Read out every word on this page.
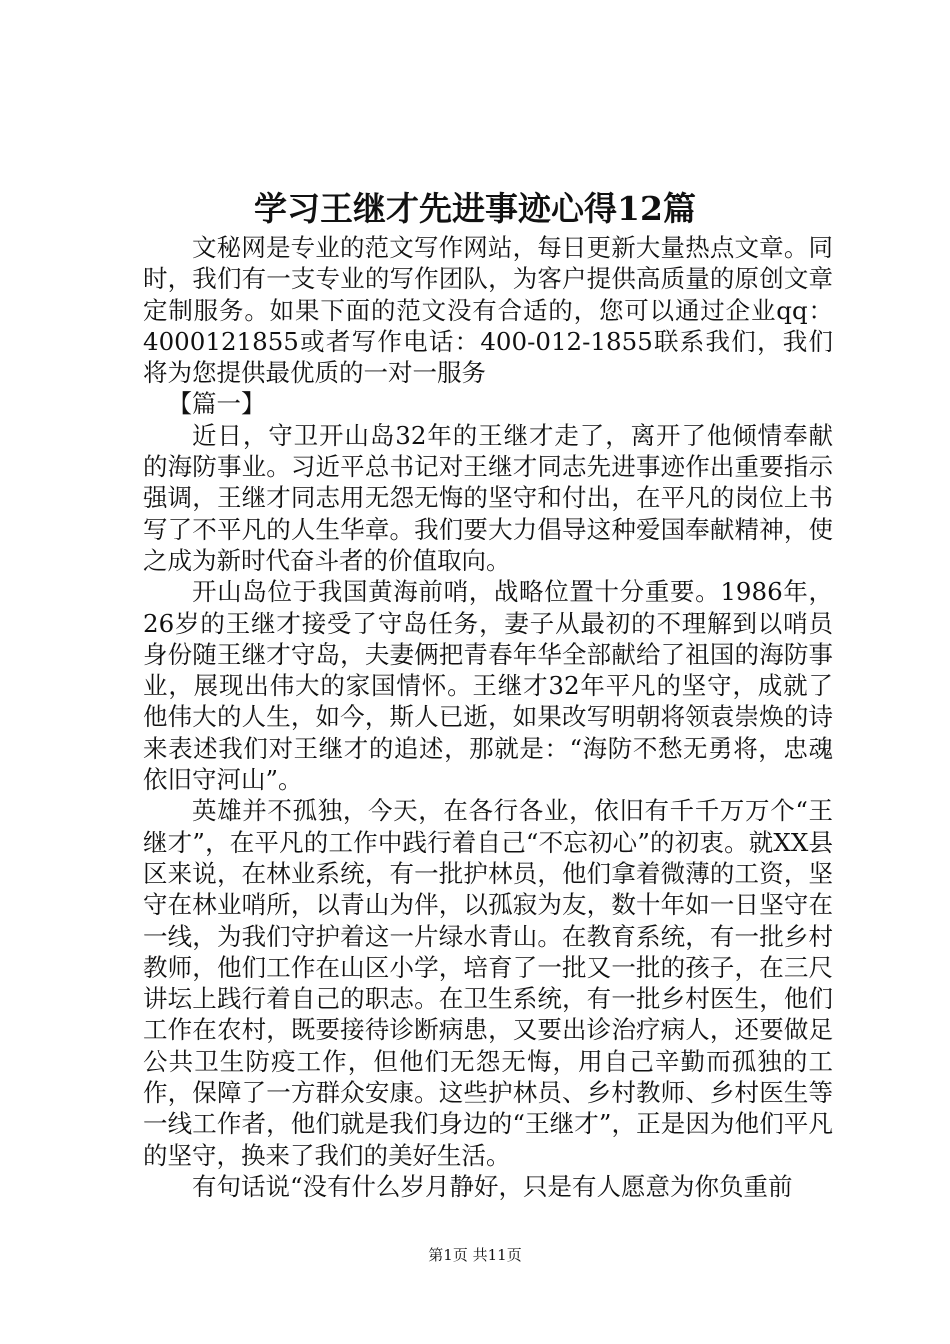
学习王继才先进事迹心得12篇

文秘网是专业的范文写作网站，每日更新大量热点文章。同时，我们有一支专业的写作团队，为客户提供高质量的原创文章定制服务。如果下面的范文没有合适的，您可以通过企业qq：4000121855或者写作电话：400-012-1855联系我们，我们将为您提供最优质的一对一服务

【篇一】

近日，守卫开山岛32年的王继才走了，离开了他倾情奉献的海防事业。习近平总书记对王继才同志先进事迹作出重要指示强调，王继才同志用无怨无悔的坚守和付出，在平凡的岗位上书写了不平凡的人生华章。我们要大力倡导这种爱国奉献精神，使之成为新时代奋斗者的价值取向。

开山岛位于我国黄海前哨，战略位置十分重要。1986年，26岁的王继才接受了守岛任务，妻子从最初的不理解到以哨员身份随王继才守岛，夫妻俩把青春年华全部献给了祖国的海防事业，展现出伟大的家国情怀。王继才32年平凡的坚守，成就了他伟大的人生，如今，斯人已逝，如果改写明朝将领袁崇焕的诗来表述我们对王继才的追述，那就是：“海防不愁无勇将，忠魂依旧守河山”。

英雄并不孤独，今天，在各行各业，依旧有千千万万个“王继才”，在平凡的工作中践行着自己“不忘初心”的初衷。就XX县区来说，在林业系统，有一批护林员，他们拿着微薄的工资，坚守在林业哨所，以青山为伴，以孤寂为友，数十年如一日坚守在一线，为我们守护着这一片绿水青山。在教育系统，有一批乡村教师，他们工作在山区小学，培育了一批又一批的孩子，在三尺讲坛上践行着自己的职志。在卫生系统，有一批乡村医生，他们工作在农村，既要接待诊断病患，又要出诊治疗病人，还要做足公共卫生防疫工作，但他们无怨无悔，用自己辛勤而孤独的工作，保障了一方群众安康。这些护林员、乡村教师、乡村医生等一线工作者，他们就是我们身边的“王继才”，正是因为他们平凡的坚守，换来了我们的美好生活。

有句话说“没有什么岁月静好，只是有人愿意为你负重前

第1页 共11页
